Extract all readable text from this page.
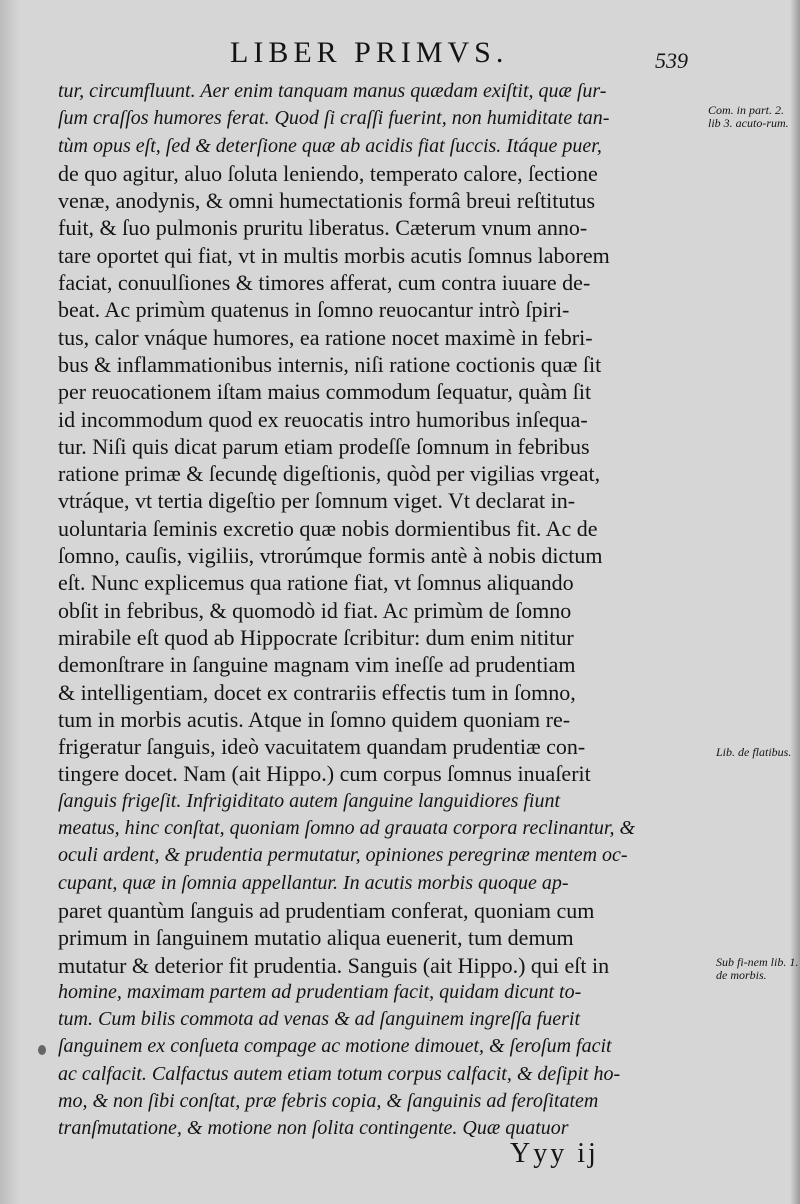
LIBER PRIMVS.	539
tur, circumfluunt. Aer enim tanquam manus quædam exiſtit, quæ ſur-
ſum craſſos humores ferat. Quod ſi craſſi fuerint, non humiditate tan-
tùm opus eſt, ſed & deterſione quæ ab acidis fiat ſuccis. Itáque puer,
de quo agitur, aluo ſoluta leniendo, temperato calore, ſectione
venæ, anodynis, & omni humectationis formâ breui reſtitutus
fuit, & ſuo pulmonis pruritu liberatus. Cæterum vnum anno-
tare oportet qui fiat, vt in multis morbis acutis ſomnus laborem
faciat, conuulſiones & timores afferat, cum contra iuuare de-
beat. Ac primùm quatenus in ſomno reuocantur intrò ſpiri-
tus, calor vnáque humores, ea ratione nocet maximè in febri-
bus & inflammationibus internis, niſi ratione coctionis quæ ſit
per reuocationem iſtam maius commodum ſequatur, quàm ſit
id incommodum quod ex reuocatis intro humoribus inſequa-
tur. Niſi quis dicat parum etiam prodeſſe ſomnum in febribus
ratione primæ & ſecundę digeſtionis, quòd per vigilias vrgeat,
vtráque, vt tertia digeſtio per ſomnum viget. Vt declarat in-
uoluntaria ſeminis excretio quæ nobis dormientibus fit. Ac de
ſomno, cauſis, vigiliis, vtrorúmque formis antè à nobis dictum
eſt. Nunc explicemus qua ratione fiat, vt ſomnus aliquando
obſit in febribus, & quomodò id fiat. Ac primùm de ſomno
mirabile eſt quod ab Hippocrate ſcribitur: dum enim nititur
demonſtrare in ſanguine magnam vim ineſſe ad prudentiam
& intelligentiam, docet ex contrariis effectis tum in ſomno,
tum in morbis acutis. Atque in ſomno quidem quoniam re-
frigeratur ſanguis, ideò vacuitatem quandam prudentiæ con-
tingere docet. Nam (ait Hippo.) cum corpus ſomnus inuaſerit
ſanguis frigeſit. Infrigiditato autem ſanguine languidiores fiunt
meatus, hinc conſtat, quoniam ſomno ad grauata corpora reclinantur, &
oculi ardent, & prudentia permutatur, opiniones peregrinæ mentem oc-
cupant, quæ in ſomnia appellantur. In acutis morbis quoque ap-
paret quantùm ſanguis ad prudentiam conferat, quoniam cum
primum in ſanguinem mutatio aliqua euenerit, tum demum
mutatur & deterior fit prudentia. Sanguis (ait Hippo.) qui eſt in
homine, maximam partem ad prudentiam facit, quidam dicunt to-
tum. Cum bilis commota ad venas & ad ſanguinem ingreſſa fuerit
ſanguinem ex conſueta compage ac motione dimouet, & ſeroſum facit
ac calfacit. Calfactus autem etiam totum corpus calfacit, & deſipit ho-
mo, & non ſibi conſtat, præ febris copia, & ſanguinis ad feroſitatem
tranſmutatione, & motione non ſolita contingente. Quæ quatuor
Com. in part. 2. lib 3. acuto-rum.
Lib. de flatibus.
Sub fi-nem lib. 1. de morbis.
Yyy ij
